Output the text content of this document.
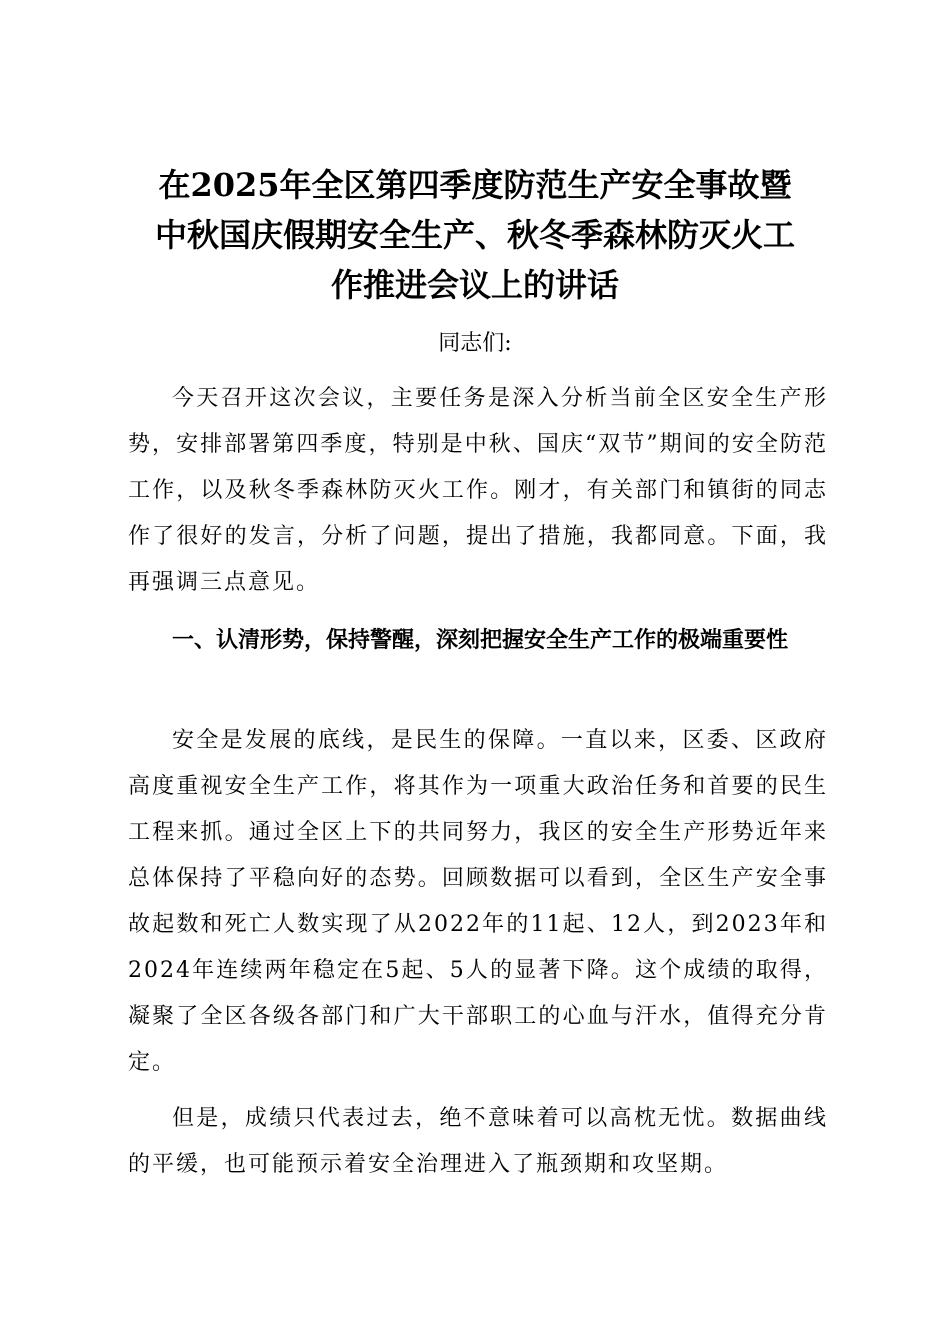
在2025年全区第四季度防范生产安全事故暨
中秋国庆假期安全生产、秋冬季森林防灭火工
作推进会议上的讲话

同志们:

今天召开这次会议，主要任务是深入分析当前全区安全生产形势，安排部署第四季度，特别是中秋、国庆“双节”期间的安全防范工作，以及秋冬季森林防灭火工作。刚才，有关部门和镇街的同志作了很好的发言，分析了问题，提出了措施，我都同意。下面，我再强调三点意见。

一、认清形势，保持警醒，深刻把握安全生产工作的极端重要性

安全是发展的底线，是民生的保障。一直以来，区委、区政府高度重视安全生产工作，将其作为一项重大政治任务和首要的民生工程来抓。通过全区上下的共同努力，我区的安全生产形势近年来总体保持了平稳向好的态势。回顾数据可以看到，全区生产安全事故起数和死亡人数实现了从2022年的11起、12人，到2023年和2024年连续两年稳定在5起、5人的显著下降。这个成绩的取得，凝聚了全区各级各部门和广大干部职工的心血与汗水，值得充分肯定。

但是，成绩只代表过去，绝不意味着可以高枕无忧。数据曲线的平缓，也可能预示着安全治理进入了瓶颈期和攻坚期。
